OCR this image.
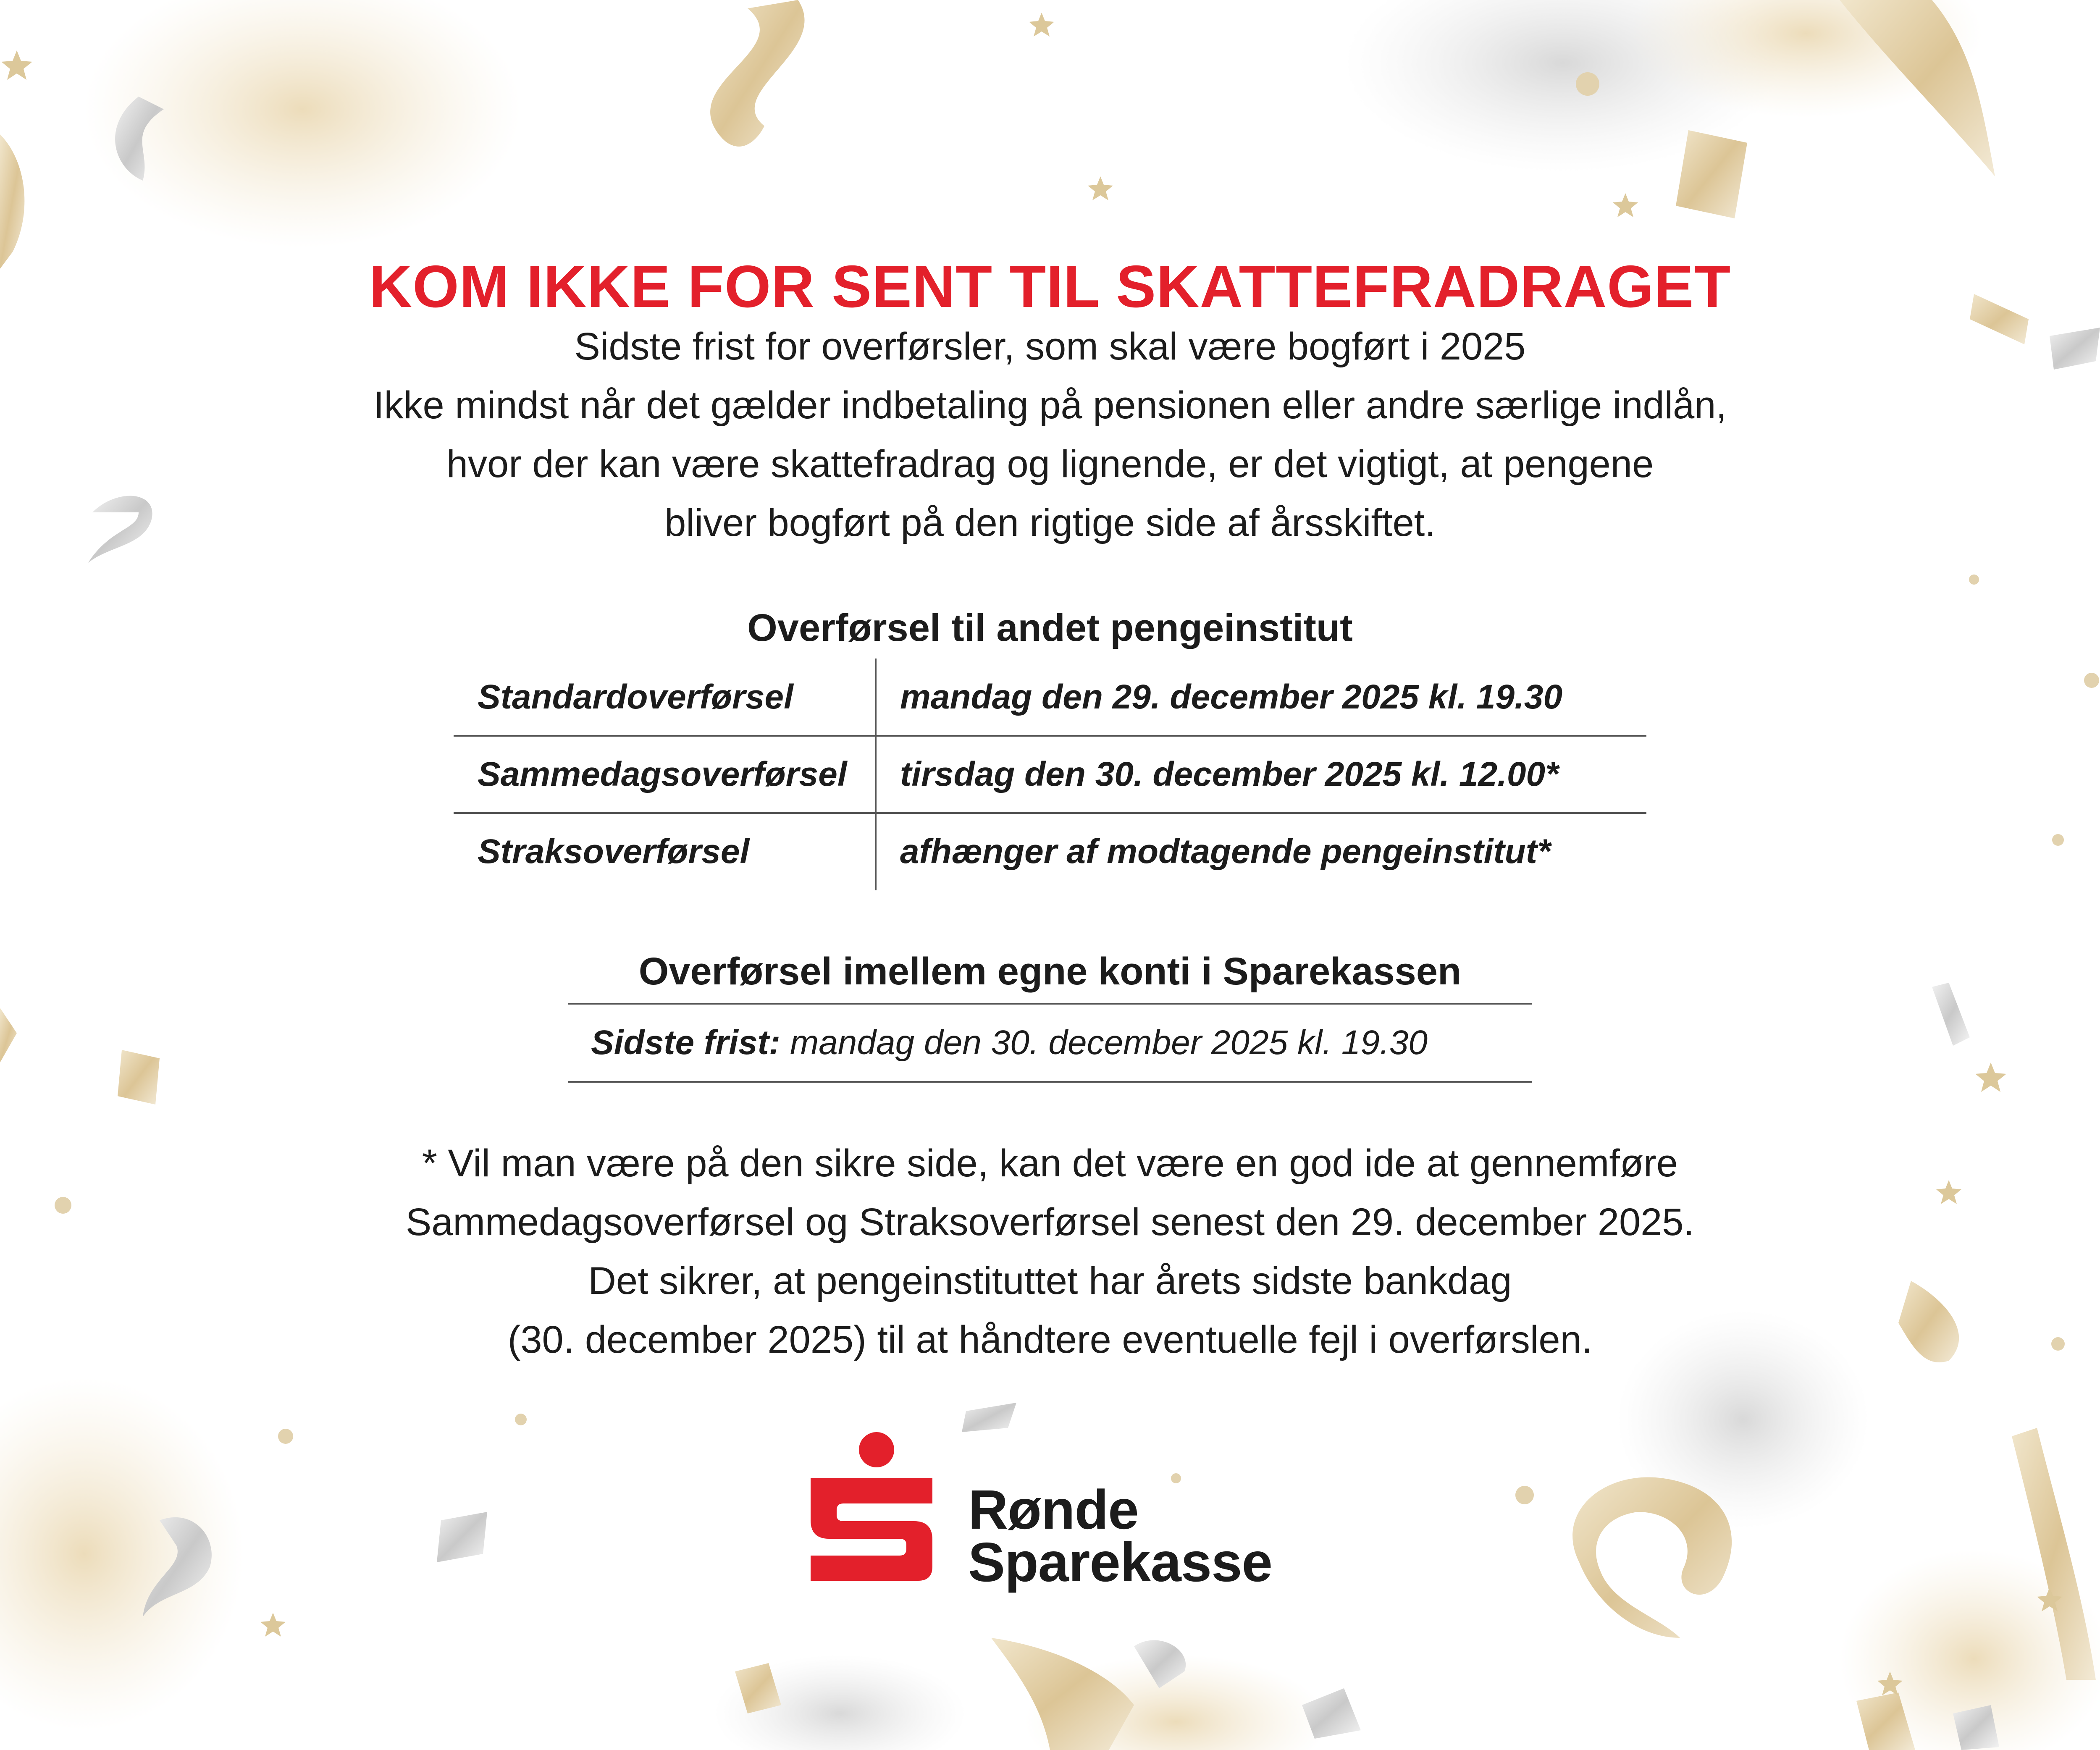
KOM IKKE FOR SENT TIL SKATTEFRADRAGET
Sidste frist for overførsler, som skal være bogført i 2025
Ikke mindst når det gælder indbetaling på pensionen eller andre særlige indlån,
hvor der kan være skattefradrag og lignende, er det vigtigt, at pengene
bliver bogført på den rigtige side af årsskiftet.
Overførsel til andet pengeinstitut
Standardoverførsel	mandag den 29. december 2025 kl. 19.30
Sammedagsoverførsel tirsdag den 30. december 2025 kl. 12.00*
Straksoverførsel	afhænger af modtagende pengeinstitut*
Overførsel imellem egne konti i Sparekassen
Sidste frist: mandag den 30. december 2025 kl. 19.30
* Vil man være på den sikre side, kan det være en god ide at gennemføre
Sammedagsoverførsel og Straksoverførsel senest den 29. december 2025.
Det sikrer, at pengeinstituttet har årets sidste bankdag
(30. december 2025) til at håndtere eventuelle fejl i overførslen.
Rønde
Sparekasse
